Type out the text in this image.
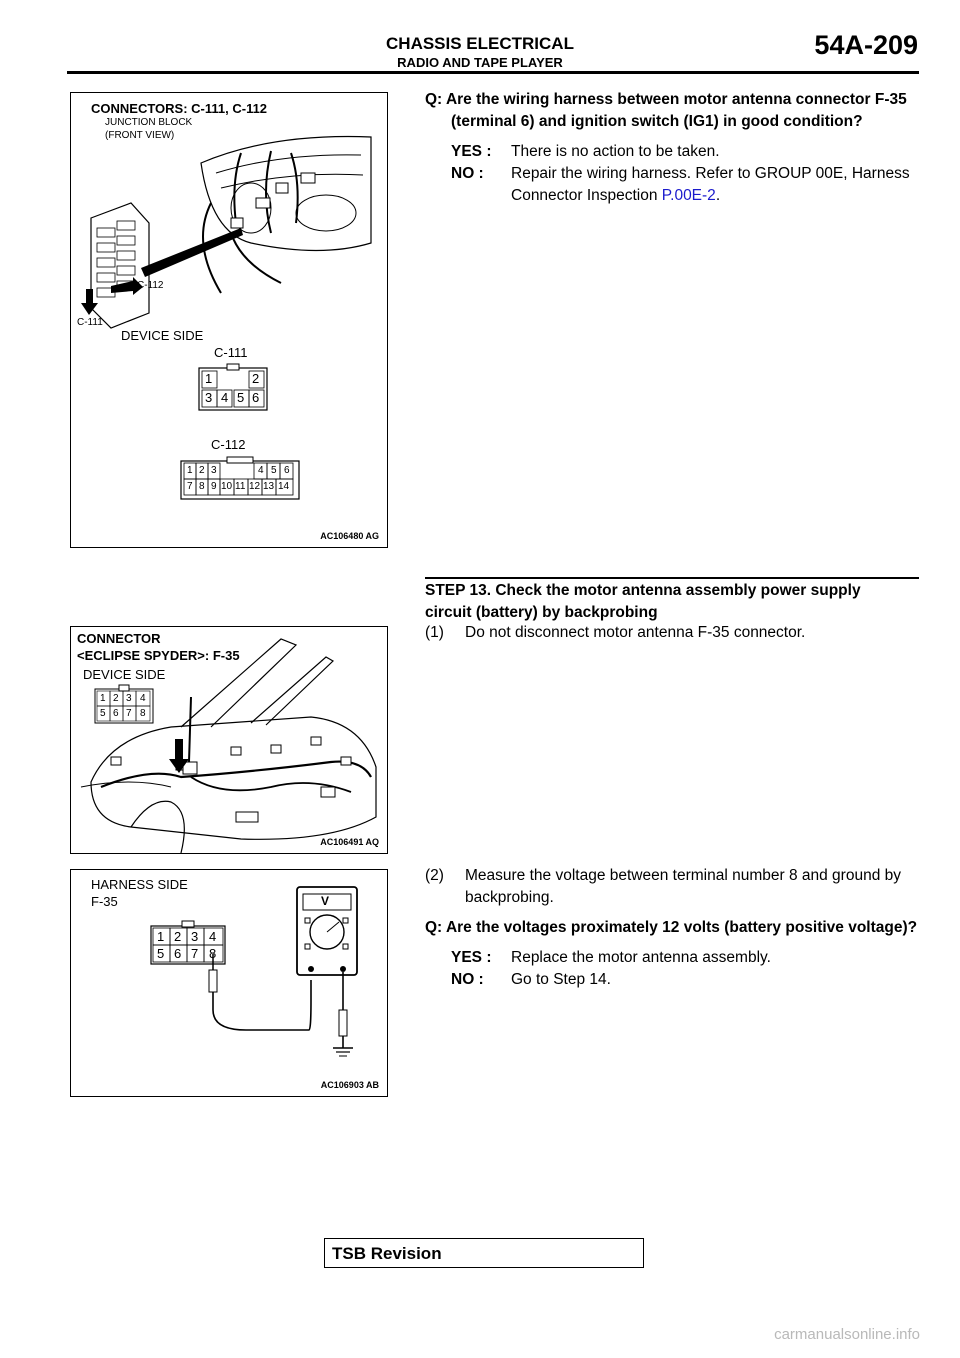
CHASSIS ELECTRICAL
RADIO AND TAPE PLAYER
54A-209
CONNECTORS: C-111, C-112
JUNCTION BLOCK
(FRONT VIEW)
C-112
C-111
DEVICE SIDE
C-111
C-112
1	2
3 4 5 6
1 2 3	4 5 6
7 8 9 10 11 12 13 14
AC106480 AG
Q: Are the wiring harness between motor antenna connector F-35 (terminal 6) and ignition switch (IG1) in good condition?
YES :	There is no action to be taken.
NO :	Repair the wiring harness. Refer to GROUP 00E, Harness Connector Inspection P.00E-2.
STEP 13. Check the motor antenna assembly power supply circuit (battery) by backprobing
(1)	Do not disconnect motor antenna F-35 connector.
CONNECTOR
<ECLIPSE SPYDER>: F-35
DEVICE SIDE
1 2 3 4
5 6 7 8
AC106491 AQ
HARNESS SIDE
F-35
1 2 3 4
5 6 7 8
V
AC106903 AB
(2)	Measure the voltage between terminal number 8 and ground by backprobing.
Q: Are the voltages proximately 12 volts (battery positive voltage)?
YES :	Replace the motor antenna assembly.
NO :	Go to Step 14.
TSB Revision
carmanualsonline.info
